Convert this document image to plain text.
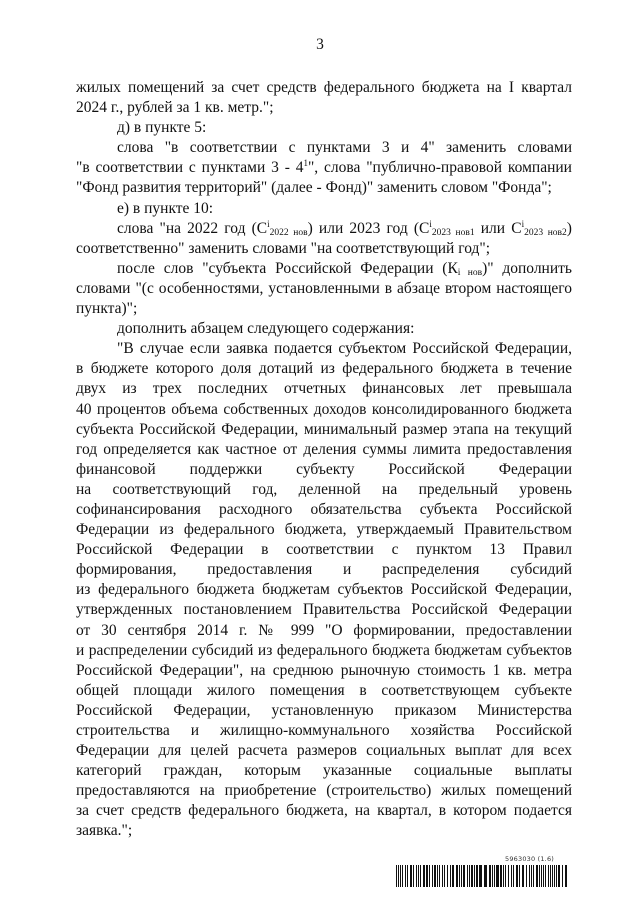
3
жилых помещений за счет средств федерального бюджета на I квартал
2024 г., рублей за 1 кв. метр.";
д) в пункте 5:
слова "в соответствии с пунктами 3 и 4" заменить словами
"в соответствии с пунктами $3 - 4^1$", слова "публично-правовой компании
"Фонд развития территорий" (далее - Фонд)" заменить словом "Фонда";
е) в пункте 10:
слова "на 2022 год $(С^i_{2022 нов})$ или 2023 год ($С^i_{2023 нов1}$ или $С^i_{2023 нов2}$)
соответственно" заменить словами "на соответствующий год";
после слов "субъекта Российской Федерации $(К_{i нов})$" дополнить
словами "(с особенностями, установленными в абзаце втором настоящего
пункта)";
дополнить абзацем следующего содержания:
"В случае если заявка подается субъектом Российской Федерации,
в бюджете которого доля дотаций из федерального бюджета в течение
двух из трех последних отчетных финансовых лет превышала
40 процентов объема собственных доходов консолидированного бюджета
субъекта Российской Федерации, минимальный размер этапа на текущий
год определяется как частное от деления суммы лимита предоставления
финансовой поддержки субъекту Российской Федерации
на соответствующий год, деленной на предельный уровень
софинансирования расходного обязательства субъекта Российской
Федерации из федерального бюджета, утверждаемый Правительством
Российской Федерации в соответствии с пунктом 13 Правил
формирования, предоставления и распределения субсидий
из федерального бюджета бюджетам субъектов Российской Федерации,
утвержденных постановлением Правительства Российской Федерации
от 30 сентября 2014 г. № 999 "О формировании, предоставлении
и распределении субсидий из федерального бюджета бюджетам субъектов
Российской Федерации", на среднюю рыночную стоимость 1 кв. метра
общей площади жилого помещения в соответствующем субъекте
Российской Федерации, установленную приказом Министерства
строительства и жилищно-коммунального хозяйства Российской
Федерации для целей расчета размеров социальных выплат для всех
категорий граждан, которым указанные социальные выплаты
предоставляются на приобретение (строительство) жилых помещений
за счет средств федерального бюджета, на квартал, в котором подается
заявка.";
5963030 (1.6)
